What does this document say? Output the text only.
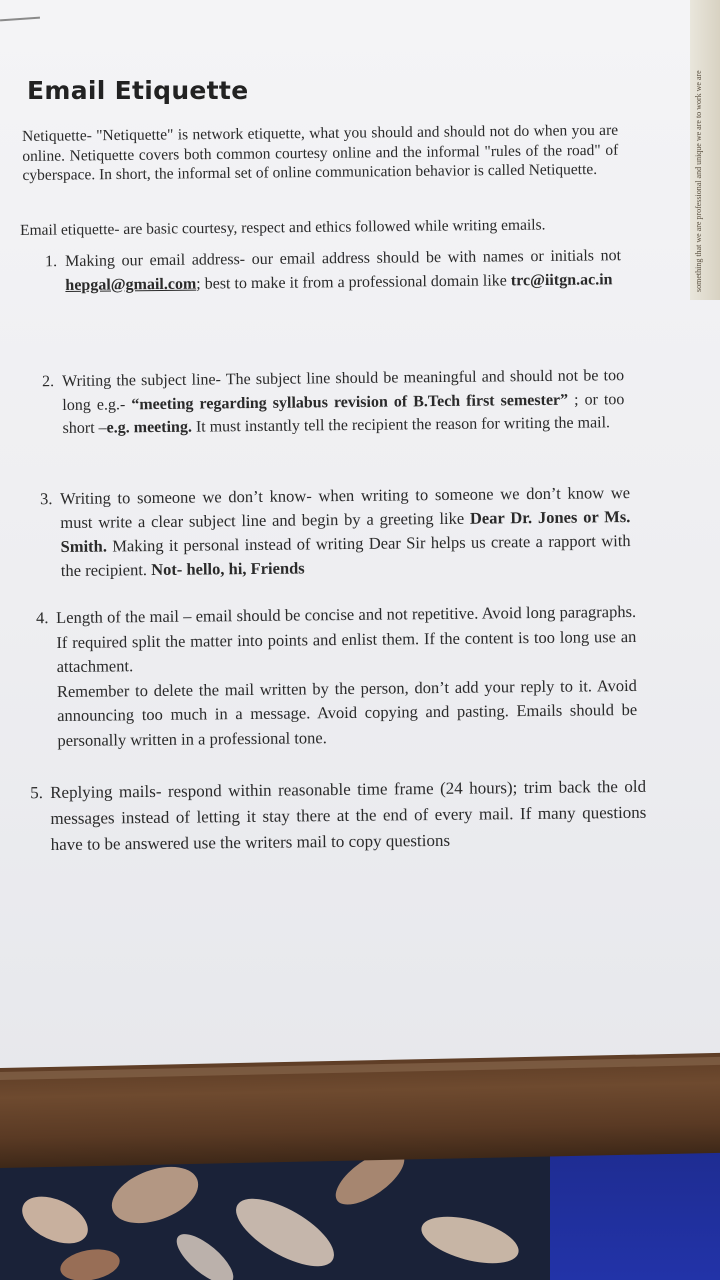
something that we are professional and unique we are to work we are
Email Etiquette
Netiquette- "Netiquette" is network etiquette, what you should and should not do when you are online. Netiquette covers both common courtesy online and the informal "rules of the road" of cyberspace. In short, the informal set of online communication behavior is called Netiquette.
Email etiquette- are basic courtesy, respect and ethics followed while writing emails.
1. Making our email address- our email address should be with names or initials not hepgal@gmail.com; best to make it from a professional domain like trc@iitgn.ac.in
2. Writing the subject line- The subject line should be meaningful and should not be too long e.g.- “meeting regarding syllabus revision of B.Tech first semester” ; or too short –e.g. meeting. It must instantly tell the recipient the reason for writing the mail.
3. Writing to someone we don’t know- when writing to someone we don’t know we must write a clear subject line and begin by a greeting like Dear Dr. Jones or Ms. Smith. Making it personal instead of writing Dear Sir helps us create a rapport with the recipient. Not- hello, hi, Friends
4. Length of the mail – email should be concise and not repetitive. Avoid long paragraphs. If required split the matter into points and enlist them. If the content is too long use an attachment.
Remember to delete the mail written by the person, don’t add your reply to it. Avoid announcing too much in a message. Avoid copying and pasting. Emails should be personally written in a professional tone.
5. Replying mails- respond within reasonable time frame (24 hours); trim back the old messages instead of letting it stay there at the end of every mail. If many questions have to be answered use the writers mail to copy questions
